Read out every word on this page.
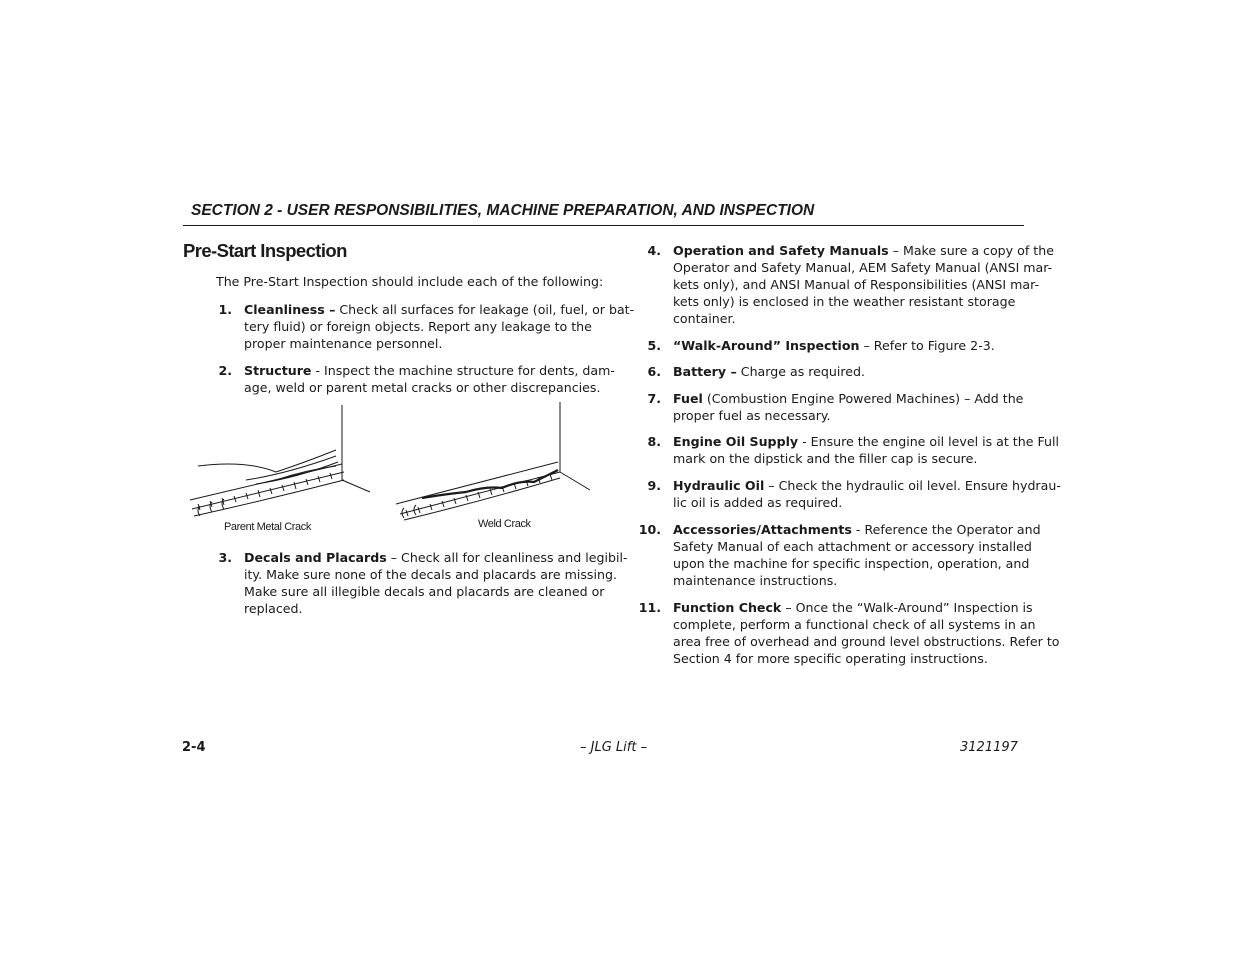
SECTION 2 - USER RESPONSIBILITIES, MACHINE PREPARATION, AND INSPECTION
Pre-Start Inspection
The Pre-Start Inspection should include each of the following:
1. Cleanliness – Check all surfaces for leakage (oil, fuel, or bat-
tery fluid) or foreign objects. Report any leakage to the
proper maintenance personnel.
2. Structure - Inspect the machine structure for dents, dam-
age, weld or parent metal cracks or other discrepancies.
Parent Metal Crack	Weld Crack
3. Decals and Placards – Check all for cleanliness and legibil-
ity. Make sure none of the decals and placards are missing.
Make sure all illegible decals and placards are cleaned or
replaced.
4. Operation and Safety Manuals – Make sure a copy of the
Operator and Safety Manual, AEM Safety Manual (ANSI mar-
kets only), and ANSI Manual of Responsibilities (ANSI mar-
kets only) is enclosed in the weather resistant storage
container.
5. “Walk-Around” Inspection – Refer to Figure 2-3.
6. Battery – Charge as required.
7. Fuel (Combustion Engine Powered Machines) – Add the
proper fuel as necessary.
8. Engine Oil Supply - Ensure the engine oil level is at the Full
mark on the dipstick and the filler cap is secure.
9. Hydraulic Oil – Check the hydraulic oil level. Ensure hydrau-
lic oil is added as required.
10. Accessories/Attachments - Reference the Operator and
Safety Manual of each attachment or accessory installed
upon the machine for specific inspection, operation, and
maintenance instructions.
11. Function Check – Once the “Walk-Around” Inspection is
complete, perform a functional check of all systems in an
area free of overhead and ground level obstructions. Refer to
Section 4 for more specific operating instructions.
2-4	– JLG Lift –	3121197
